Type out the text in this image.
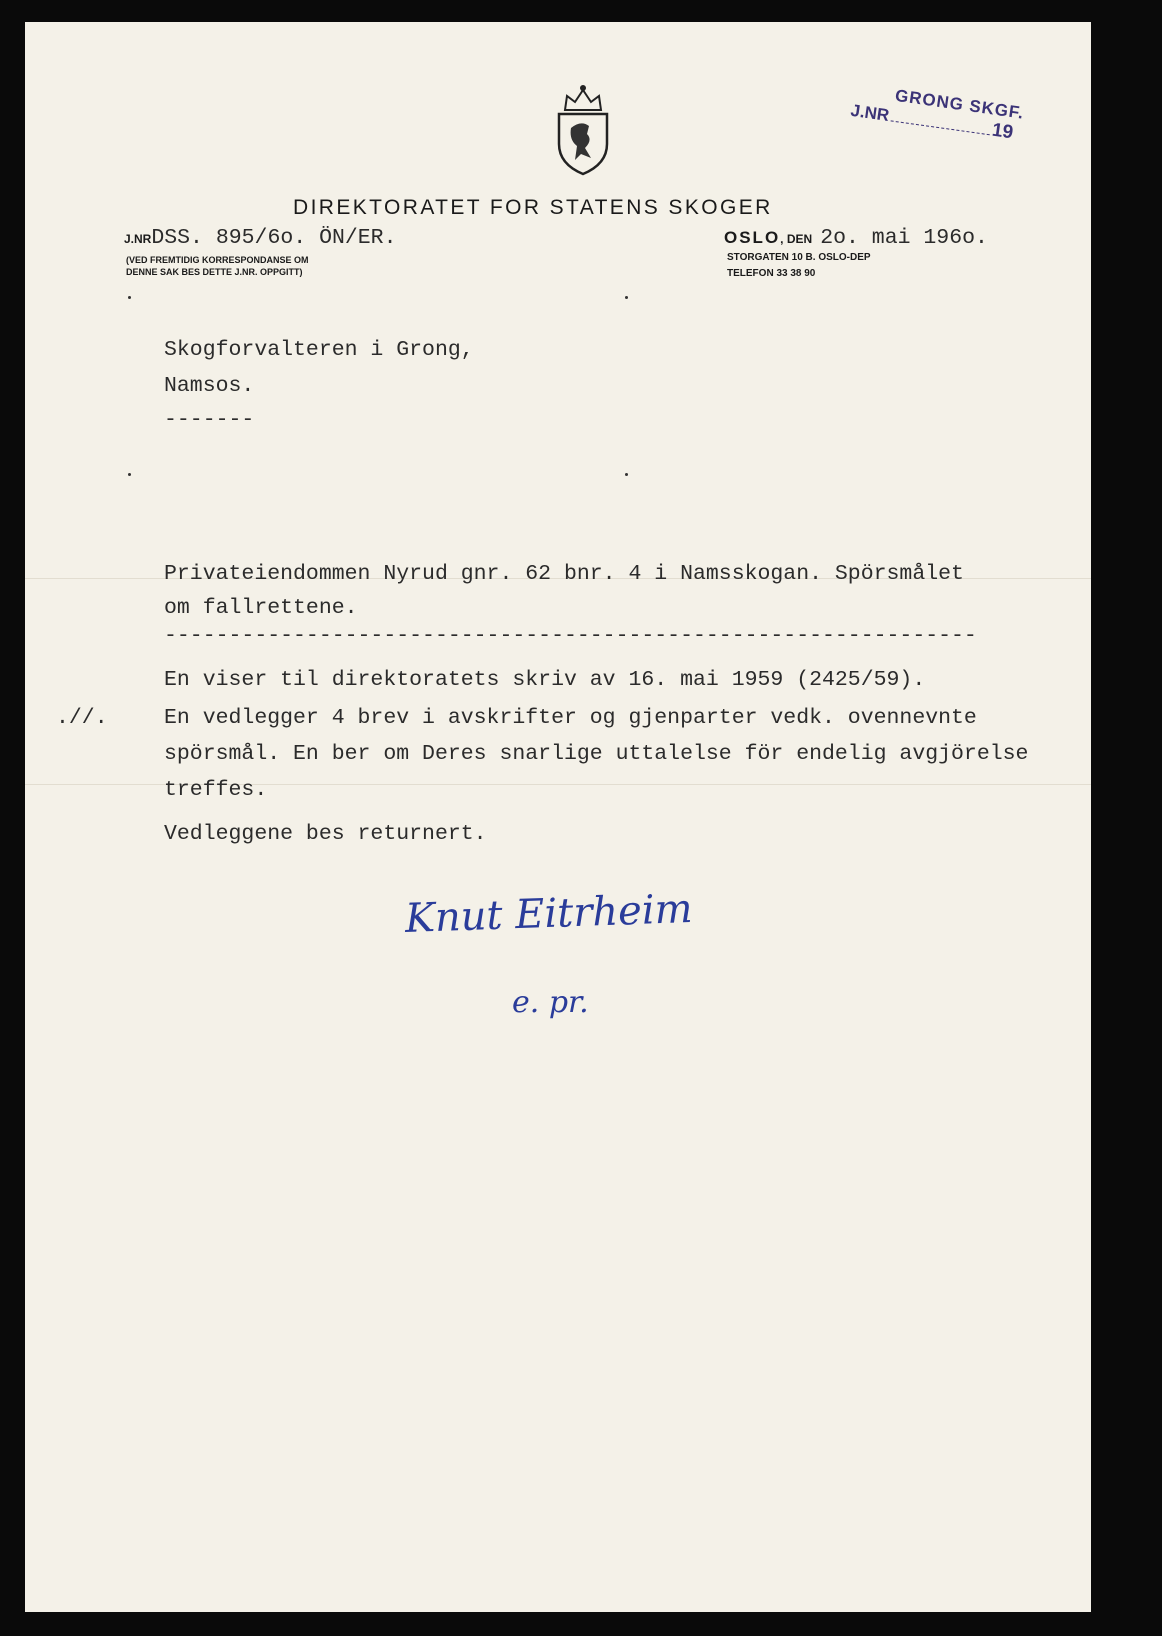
DIREKTORATET FOR STATENS SKOGER
J.NRDSS. 895/6o. ÖN/ER.
(VED FREMTIDIG KORRESPONDANSE OM
DENNE SAK BES DETTE J.NR. OPPGITT)
OSLO, DEN 2o. mai 196o.
STORGATEN 10 B. OSLO-DEP
TELEFON 33 38 90
GRONG SKGF.
J.NR19
Skogforvalteren i Grong,
Namsos.
-------
Privateiendommen Nyrud gnr. 62 bnr. 4 i Namsskogan. Spörsmålet
om fallrettene.
---------------------------------------------------------------
En viser til direktoratets skriv av 16. mai 1959 (2425/59).
.//.	En vedlegger 4 brev i avskrifter og gjenparter vedk. ovennevnte
spörsmål. En ber om Deres snarlige uttalelse för endelig avgjörelse
treffes.
Vedleggene bes returnert.
Knut Eitrheim
e. pr.
